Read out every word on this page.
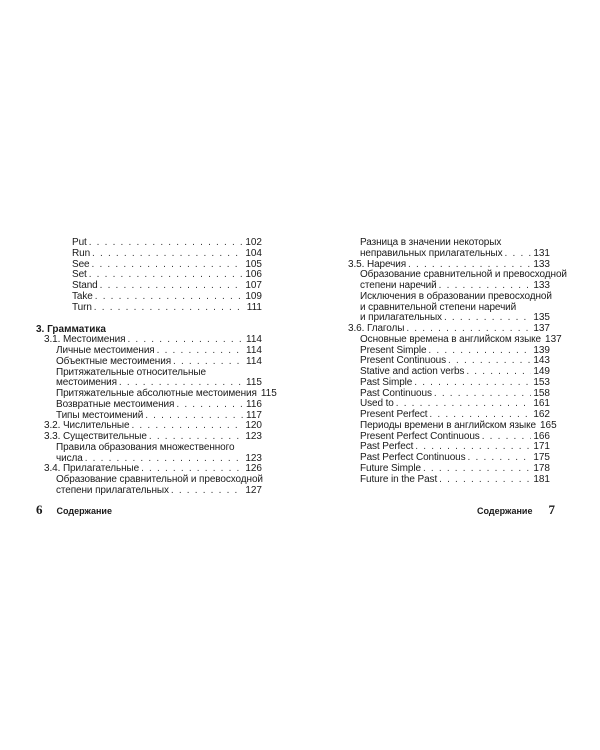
Put . . .	102
Run . . .	104
See . . .	105
Set . . .	106
Stand . . .	107
Take . . .	109
Turn . . .	111
3. Грамматика
3.1. Местоимения . . .	114
Личные местоимения . . .	114
Объектные местоимения . . .	114
Притяжательные относительные
местоимения . . .	115
Притяжательные абсолютные местоимения 115
Возвратные местоимения . . .	116
Типы местоимений . . .	117
3.2. Числительные . . .	120
3.3. Существительные . . .	123
Правила образования множественного
числа . . .	123
3.4. Прилагательные . . .	126
Образование сравнительной и превосходной
степени прилагательных . . .	127
Разница в значении некоторых
неправильных прилагательных . . .	131
3.5. Наречия . . .	133
Образование сравнительной и превосходной
степени наречий . . .	133
Исключения в образовании превосходной
и сравнительной степени наречий
и прилагательных . . .	135
3.6. Глаголы . . .	137
Основные времена в английском языке 137
Present Simple . . .	139
Present Continuous . . .	143
Stative and action verbs . . .	149
Past Simple . . .	153
Past Continuous . . .	158
Used to . . .	161
Present Perfect . . .	162
Периоды времени в английском языке 165
Present Perfect Continuous . . .	166
Past Perfect . . .	171
Past Perfect Continuous . . .	175
Future Simple . . .	178
Future in the Past . . .	181
6 Содержание	Содержание 7
